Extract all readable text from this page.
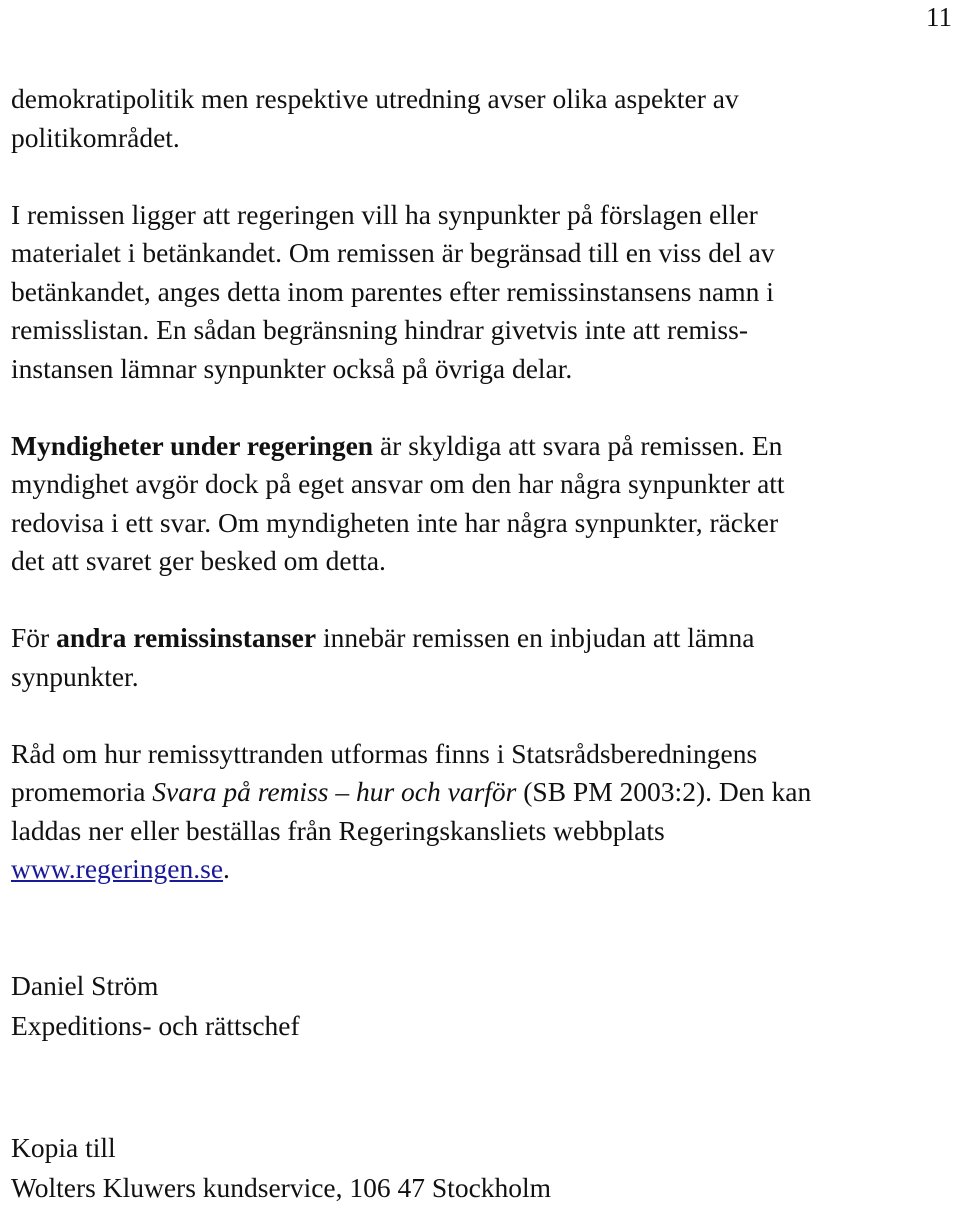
11

demokratipolitik men respektive utredning avser olika aspekter av
politikområdet.

I remissen ligger att regeringen vill ha synpunkter på förslagen eller
materialet i betänkandet. Om remissen är begränsad till en viss del av
betänkandet, anges detta inom parentes efter remissinstansens namn i
remisslistan. En sådan begränsning hindrar givetvis inte att remiss-
instansen lämnar synpunkter också på övriga delar.

Myndigheter under regeringen är skyldiga att svara på remissen. En
myndighet avgör dock på eget ansvar om den har några synpunkter att
redovisa i ett svar. Om myndigheten inte har några synpunkter, räcker
det att svaret ger besked om detta.

För andra remissinstanser innebär remissen en inbjudan att lämna
synpunkter.

Råd om hur remissyttranden utformas finns i Statsrådsberedningens
promemoria Svara på remiss – hur och varför (SB PM 2003:2). Den kan
laddas ner eller beställas från Regeringskansliets webbplats
www.regeringen.se.

Daniel Ström
Expeditions- och rättschef
Kopia till
Wolters Kluwers kundservice, 106 47 Stockholm
